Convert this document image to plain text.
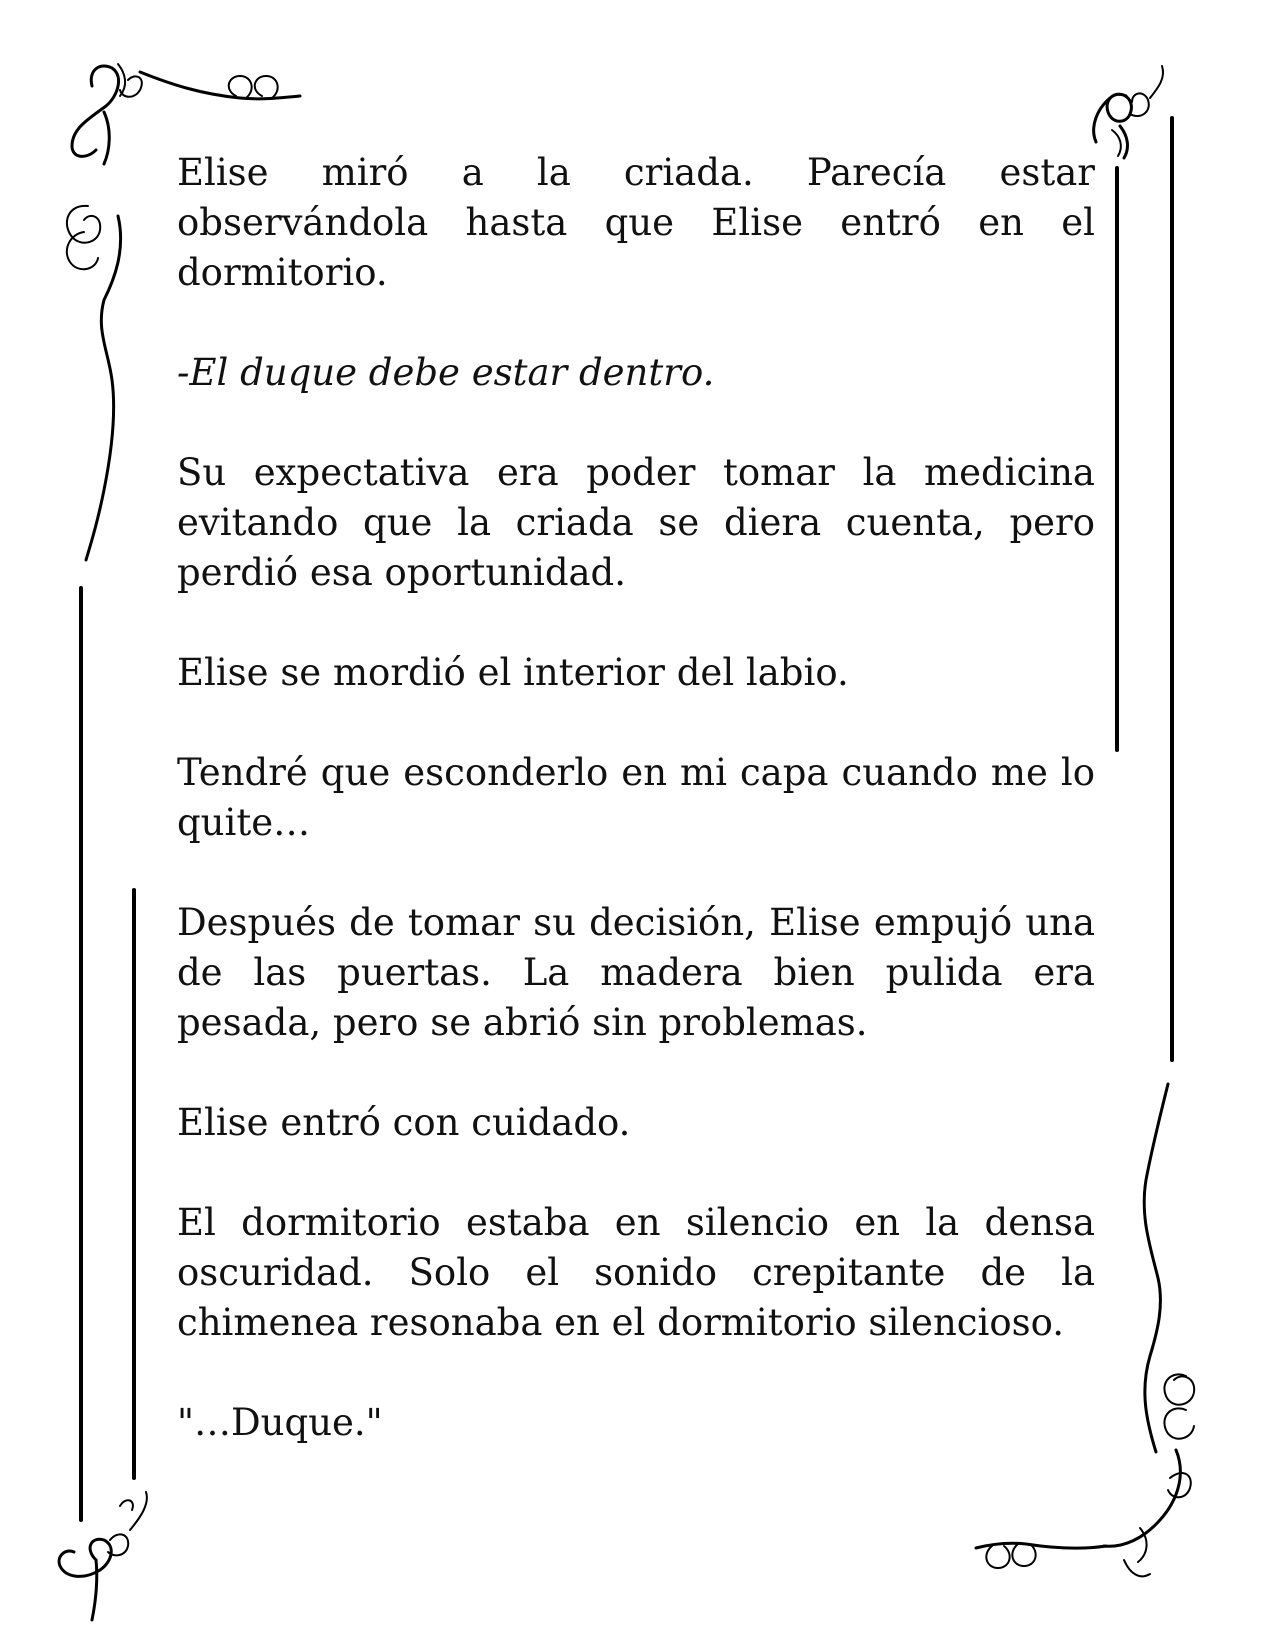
Elise miró a la criada. Parecía estar observándola hasta que Elise entró en el dormitorio.

-El duque debe estar dentro.

Su expectativa era poder tomar la medicina evitando que la criada se diera cuenta, pero perdió esa oportunidad.

Elise se mordió el interior del labio.

Tendré que esconderlo en mi capa cuando me lo quite…

Después de tomar su decisión, Elise empujó una de las puertas. La madera bien pulida era pesada, pero se abrió sin problemas.

Elise entró con cuidado.

El dormitorio estaba en silencio en la densa oscuridad. Solo el sonido crepitante de la chimenea resonaba en el dormitorio silencioso.

"…Duque."
